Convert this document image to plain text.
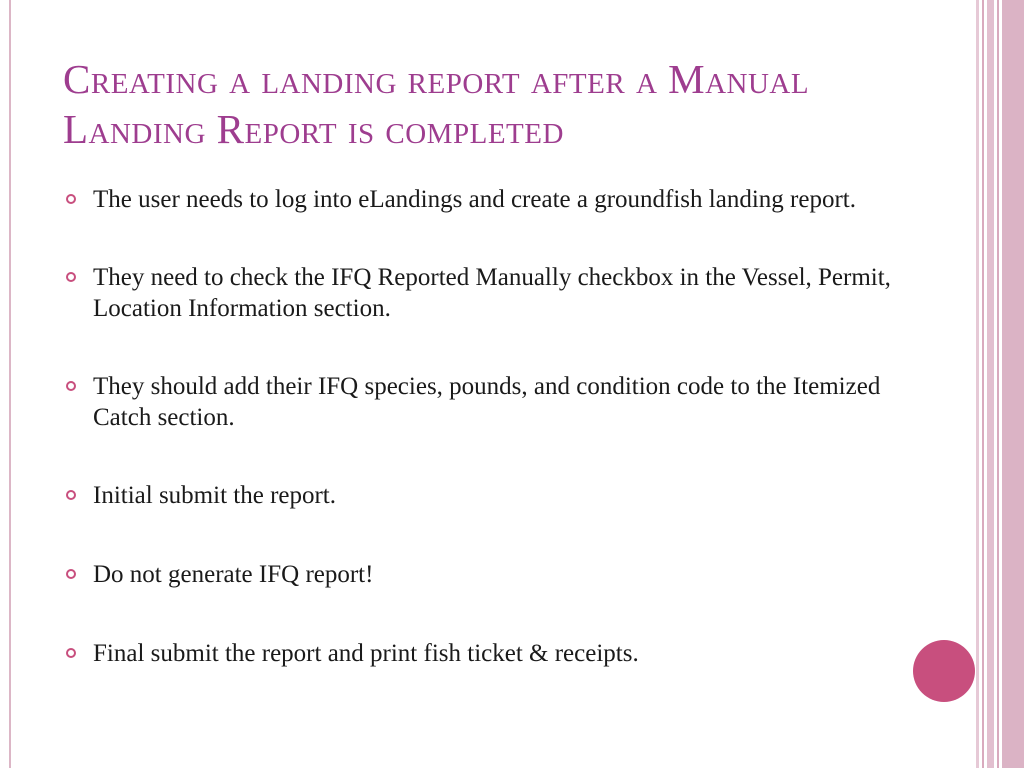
Creating a landing report after a Manual Landing Report is completed
The user needs to log into eLandings and create a groundfish landing report.
They need to check the IFQ Reported Manually checkbox in the Vessel, Permit, Location Information section.
They should add their IFQ species, pounds, and condition code to the Itemized Catch section.
Initial submit the report.
Do not generate IFQ report!
Final submit the report and print fish ticket & receipts.
